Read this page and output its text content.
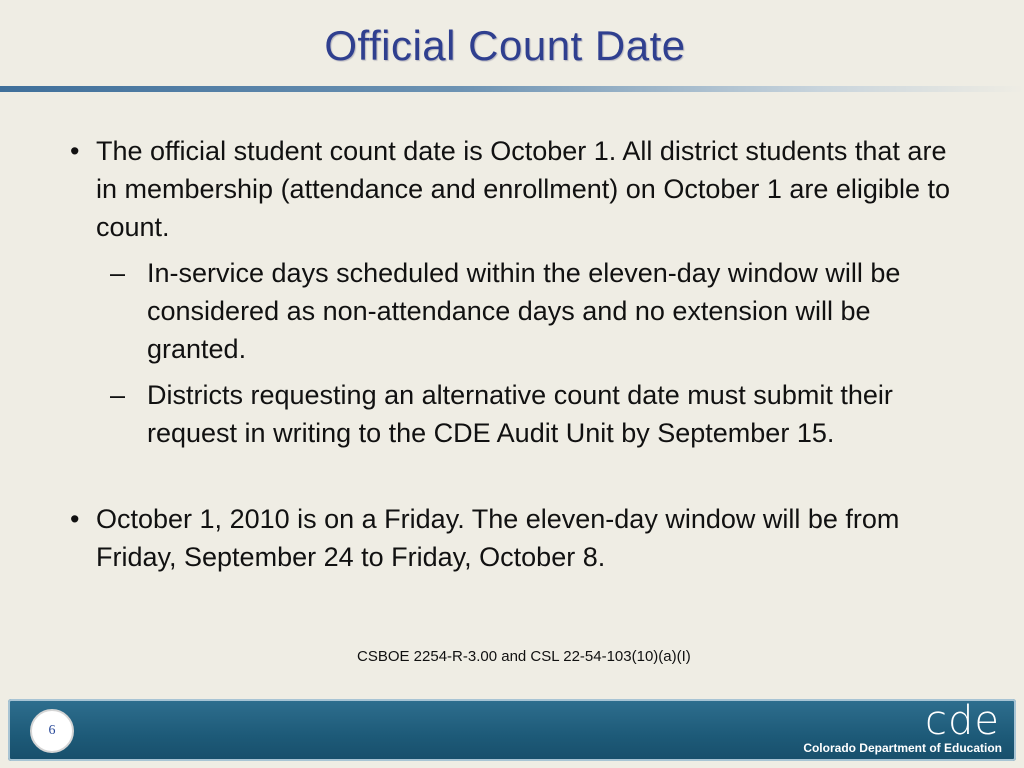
Official Count Date
• The official student count date is October 1. All district students that are in membership (attendance and enrollment) on October 1 are eligible to count.
– In-service days scheduled within the eleven-day window will be considered as non-attendance days and no extension will be granted.
– Districts requesting an alternative count date must submit their request in writing to the CDE Audit Unit by September 15.
• October 1, 2010 is on a Friday. The eleven-day window will be from Friday, September 24 to Friday, October 8.
CSBOE 2254-R-3.00 and CSL 22-54-103(10)(a)(I)
6	cde
Colorado Department of Education
